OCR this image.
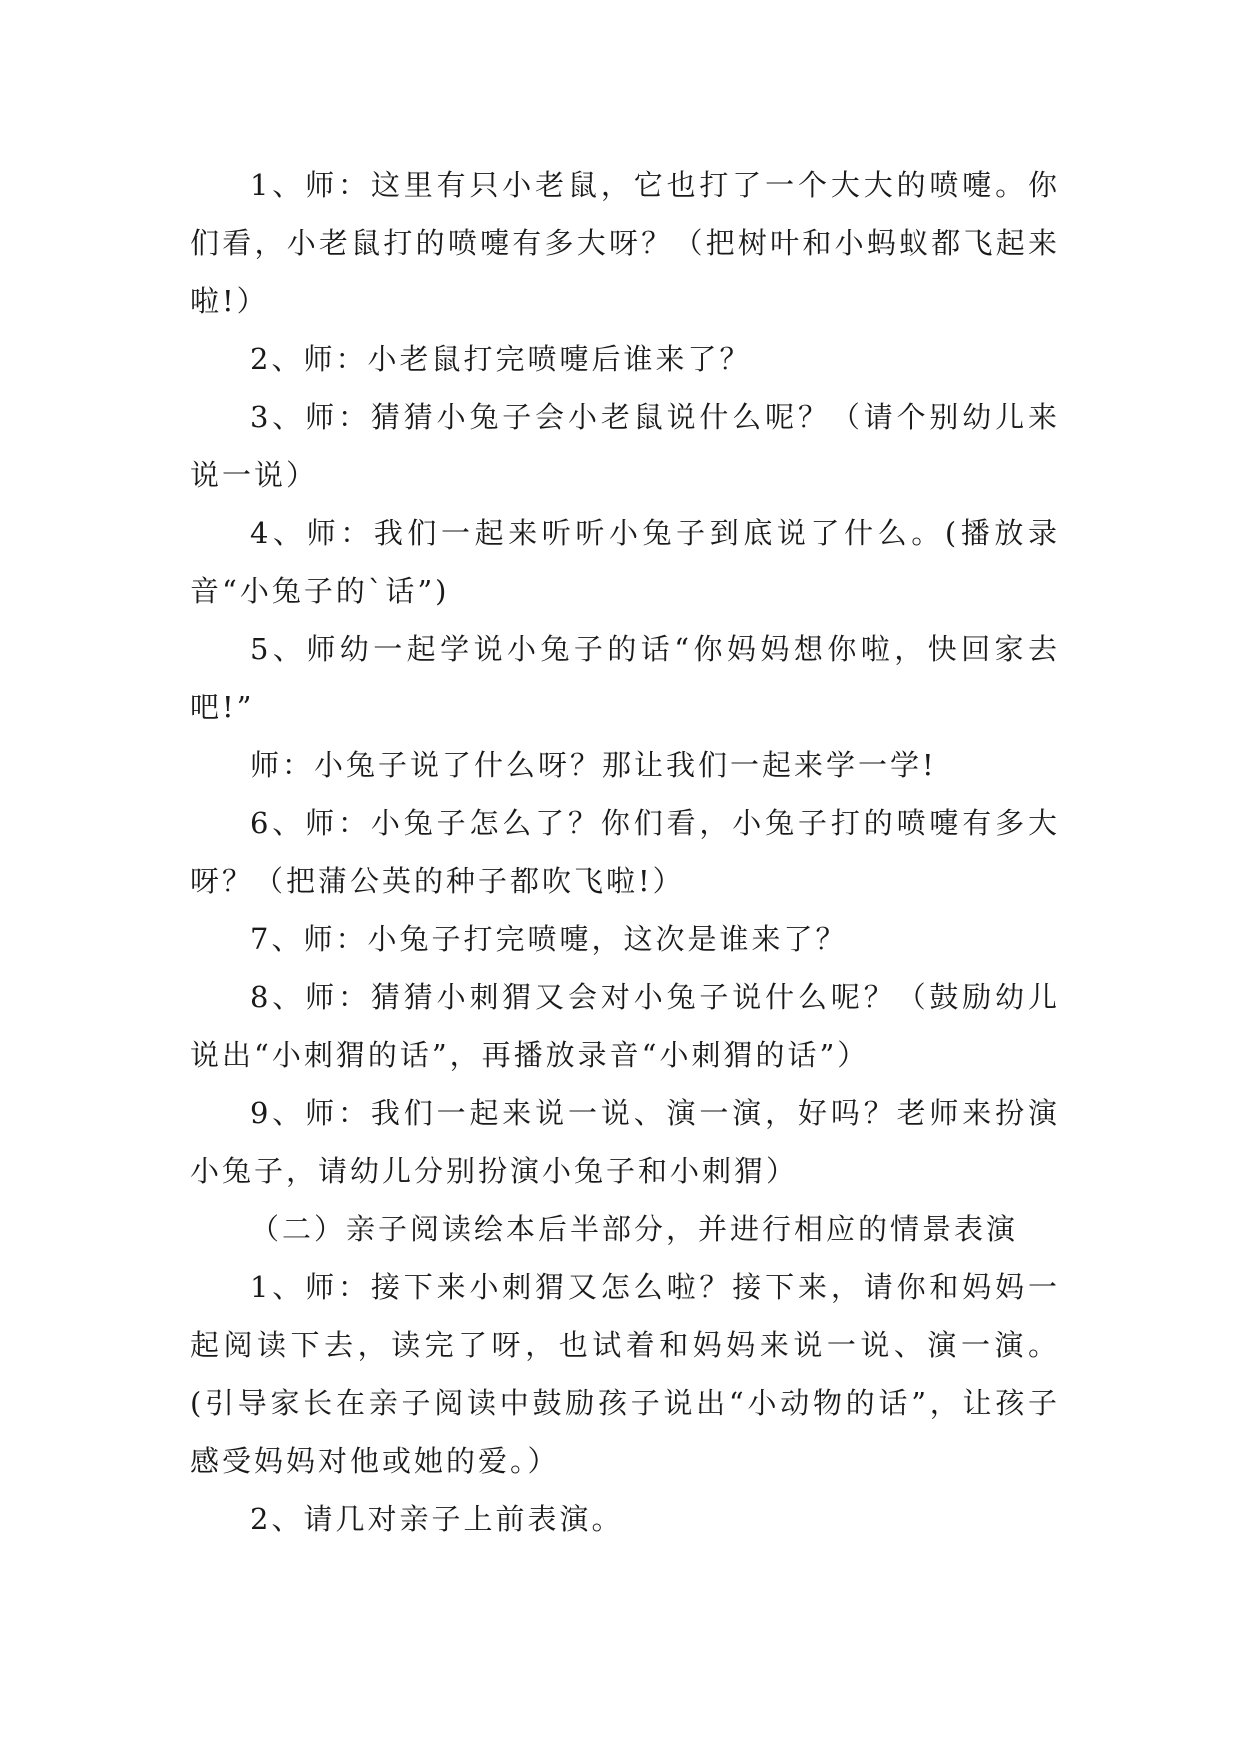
1、师：这里有只小老鼠，它也打了一个大大的喷嚏。你们看，小老鼠打的喷嚏有多大呀？（把树叶和小蚂蚁都飞起来啦!）

2、师：小老鼠打完喷嚏后谁来了？

3、师：猜猜小兔子会小老鼠说什么呢？（请个别幼儿来说一说）

4、师：我们一起来听听小兔子到底说了什么。(播放录音“小兔子的`话”)

5、师幼一起学说小兔子的话“你妈妈想你啦，快回家去吧!”

师：小兔子说了什么呀？那让我们一起来学一学!

6、师：小兔子怎么了？你们看，小兔子打的喷嚏有多大呀？（把蒲公英的种子都吹飞啦!）

7、师：小兔子打完喷嚏，这次是谁来了？

8、师：猜猜小刺猬又会对小兔子说什么呢？（鼓励幼儿说出“小刺猬的话”，再播放录音“小刺猬的话”）

9、师：我们一起来说一说、演一演，好吗？老师来扮演小兔子，请幼儿分别扮演小兔子和小刺猬）

（二）亲子阅读绘本后半部分，并进行相应的情景表演

1、师：接下来小刺猬又怎么啦？接下来，请你和妈妈一起阅读下去，读完了呀，也试着和妈妈来说一说、演一演。(引导家长在亲子阅读中鼓励孩子说出“小动物的话”，让孩子感受妈妈对他或她的爱。）

2、请几对亲子上前表演。
